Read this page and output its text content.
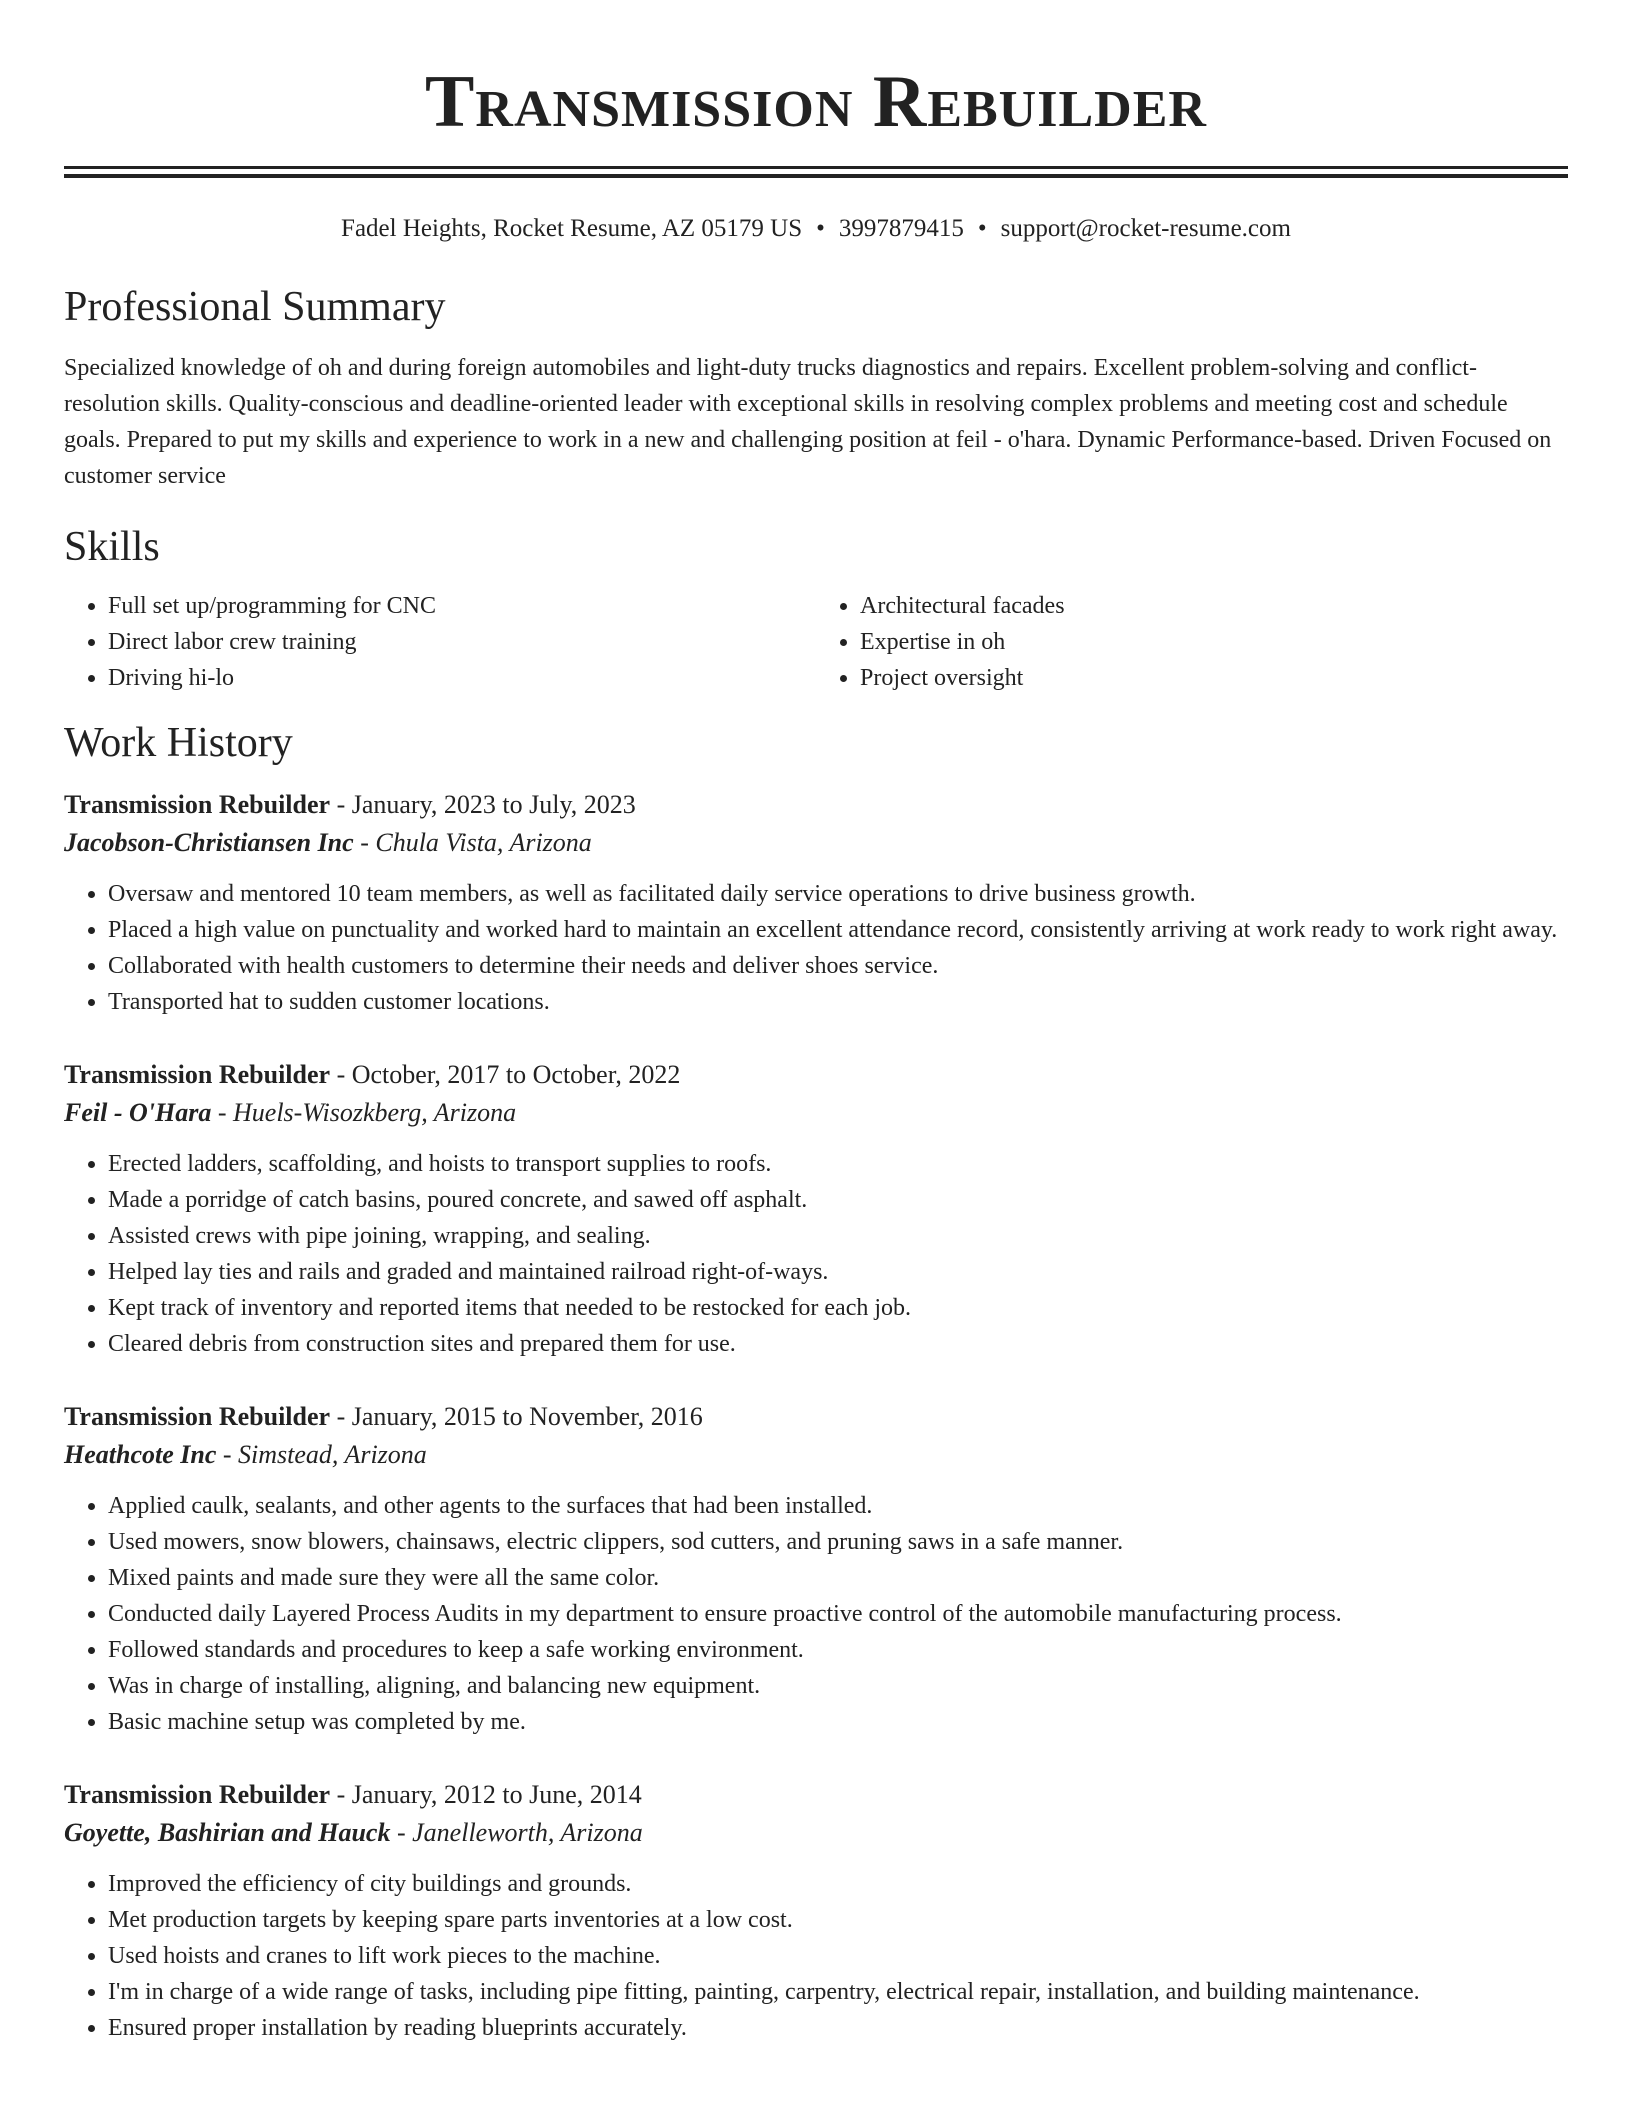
Transmission Rebuilder
Fadel Heights, Rocket Resume, AZ 05179 US • 3997879415 • support@rocket-resume.com
Professional Summary
Specialized knowledge of oh and during foreign automobiles and light-duty trucks diagnostics and repairs. Excellent problem-solving and conflict-resolution skills. Quality-conscious and deadline-oriented leader with exceptional skills in resolving complex problems and meeting cost and schedule goals. Prepared to put my skills and experience to work in a new and challenging position at feil - o'hara. Dynamic Performance-based. Driven Focused on customer service
Skills
• Full set up/programming for CNC
• Direct labor crew training
• Driving hi-lo
• Architectural facades
• Expertise in oh
• Project oversight
Work History
Transmission Rebuilder - January, 2023 to July, 2023
Jacobson-Christiansen Inc - Chula Vista, Arizona
• Oversaw and mentored 10 team members, as well as facilitated daily service operations to drive business growth.
• Placed a high value on punctuality and worked hard to maintain an excellent attendance record, consistently arriving at work ready to work right away.
• Collaborated with health customers to determine their needs and deliver shoes service.
• Transported hat to sudden customer locations.
Transmission Rebuilder - October, 2017 to October, 2022
Feil - O'Hara - Huels-Wisozkberg, Arizona
• Erected ladders, scaffolding, and hoists to transport supplies to roofs.
• Made a porridge of catch basins, poured concrete, and sawed off asphalt.
• Assisted crews with pipe joining, wrapping, and sealing.
• Helped lay ties and rails and graded and maintained railroad right-of-ways.
• Kept track of inventory and reported items that needed to be restocked for each job.
• Cleared debris from construction sites and prepared them for use.
Transmission Rebuilder - January, 2015 to November, 2016
Heathcote Inc - Simstead, Arizona
• Applied caulk, sealants, and other agents to the surfaces that had been installed.
• Used mowers, snow blowers, chainsaws, electric clippers, sod cutters, and pruning saws in a safe manner.
• Mixed paints and made sure they were all the same color.
• Conducted daily Layered Process Audits in my department to ensure proactive control of the automobile manufacturing process.
• Followed standards and procedures to keep a safe working environment.
• Was in charge of installing, aligning, and balancing new equipment.
• Basic machine setup was completed by me.
Transmission Rebuilder - January, 2012 to June, 2014
Goyette, Bashirian and Hauck - Janelleworth, Arizona
• Improved the efficiency of city buildings and grounds.
• Met production targets by keeping spare parts inventories at a low cost.
• Used hoists and cranes to lift work pieces to the machine.
• I'm in charge of a wide range of tasks, including pipe fitting, painting, carpentry, electrical repair, installation, and building maintenance.
• Ensured proper installation by reading blueprints accurately.
